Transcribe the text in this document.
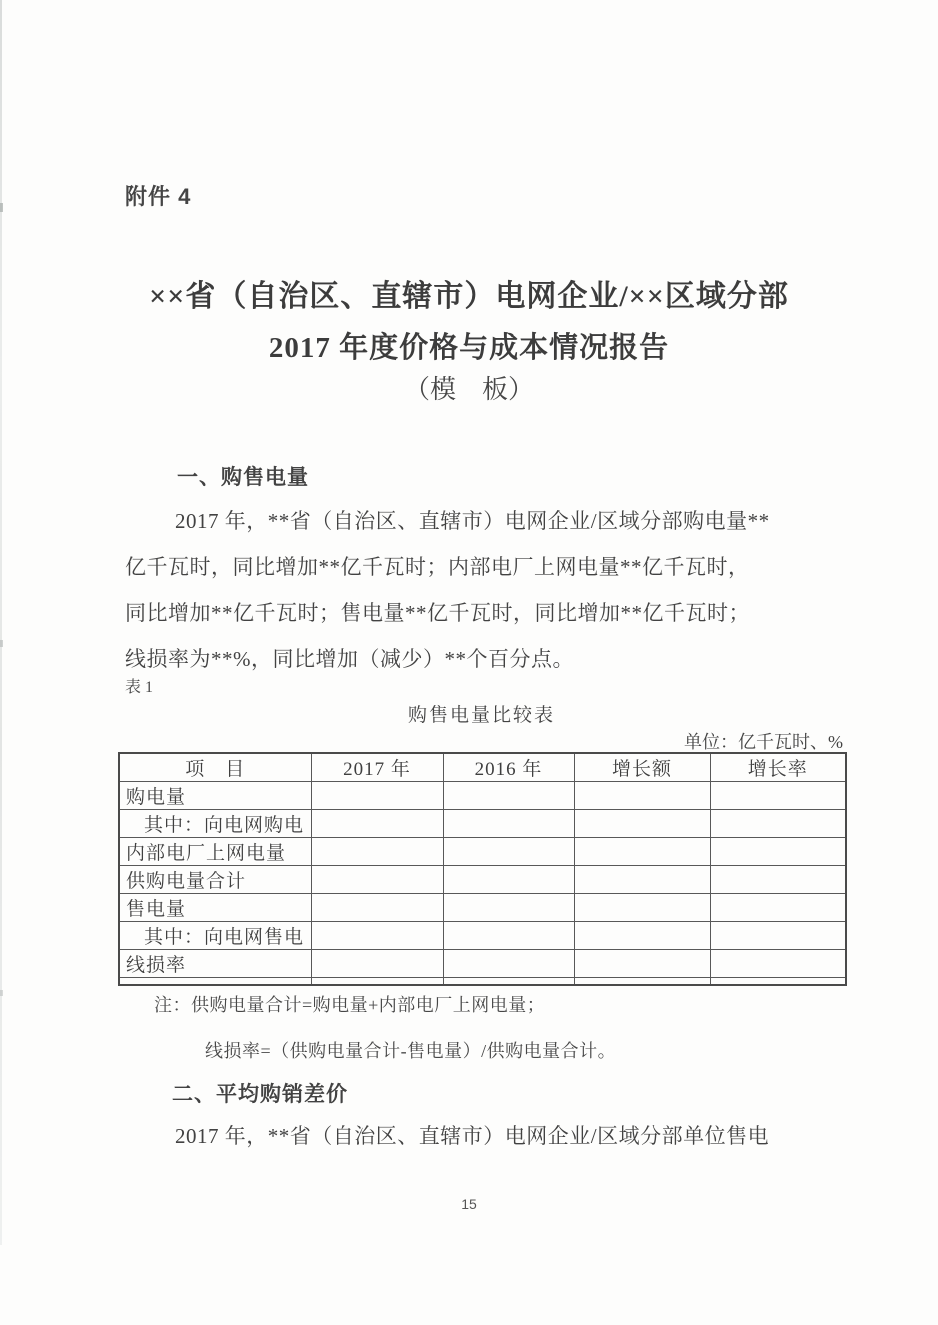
附件 4
××省（自治区、直辖市）电网企业/××区域分部
2017 年度价格与成本情况报告
（模　板）
一、购售电量
2017 年，**省（自治区、直辖市）电网企业/区域分部购电量**
亿千瓦时，同比增加**亿千瓦时；内部电厂上网电量**亿千瓦时，
同比增加**亿千瓦时；售电量**亿千瓦时，同比增加**亿千瓦时；
线损率为**%，同比增加（减少）**个百分点。
表 1
购售电量比较表
单位：亿千瓦时、%
项　目	2017 年	2016 年	增长额	增长率
购电量				
其中：向电网购电				
内部电厂上网电量				
供购电量合计				
售电量				
其中：向电网售电				
线损率				

注：供购电量合计=购电量+内部电厂上网电量；
线损率=（供购电量合计-售电量）/供购电量合计。
二、平均购销差价
2017 年，**省（自治区、直辖市）电网企业/区域分部单位售电
15
